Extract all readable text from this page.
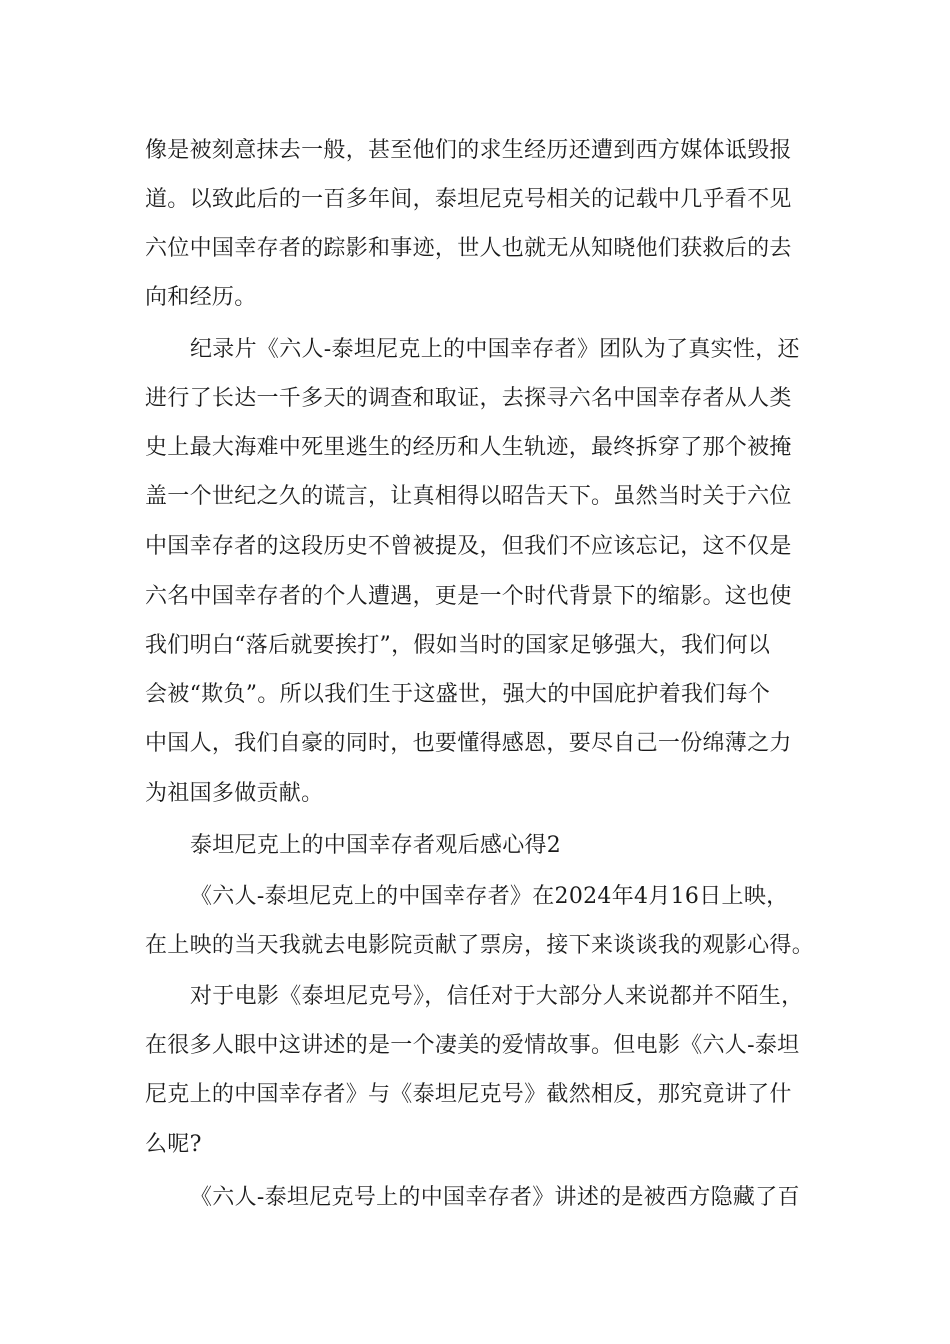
像是被刻意抹去一般，甚至他们的求生经历还遭到西方媒体诋毁报
道。以致此后的一百多年间，泰坦尼克号相关的记载中几乎看不见
六位中国幸存者的踪影和事迹，世人也就无从知晓他们获救后的去
向和经历。
纪录片《六人-泰坦尼克上的中国幸存者》团队为了真实性，还
进行了长达一千多天的调查和取证，去探寻六名中国幸存者从人类
史上最大海难中死里逃生的经历和人生轨迹，最终拆穿了那个被掩
盖一个世纪之久的谎言，让真相得以昭告天下。虽然当时关于六位
中国幸存者的这段历史不曾被提及，但我们不应该忘记，这不仅是
六名中国幸存者的个人遭遇，更是一个时代背景下的缩影。这也使
我们明白“落后就要挨打”，假如当时的国家足够强大，我们何以
会被“欺负”。所以我们生于这盛世，强大的中国庇护着我们每个
中国人，我们自豪的同时，也要懂得感恩，要尽自己一份绵薄之力
为祖国多做贡献。
泰坦尼克上的中国幸存者观后感心得2
《六人-泰坦尼克上的中国幸存者》在2024年4月16日上映，
在上映的当天我就去电影院贡献了票房，接下来谈谈我的观影心得。
对于电影《泰坦尼克号》，信任对于大部分人来说都并不陌生，
在很多人眼中这讲述的是一个凄美的爱情故事。但电影《六人-泰坦
尼克上的中国幸存者》与《泰坦尼克号》截然相反，那究竟讲了什
么呢?
《六人-泰坦尼克号上的中国幸存者》讲述的是被西方隐藏了百
